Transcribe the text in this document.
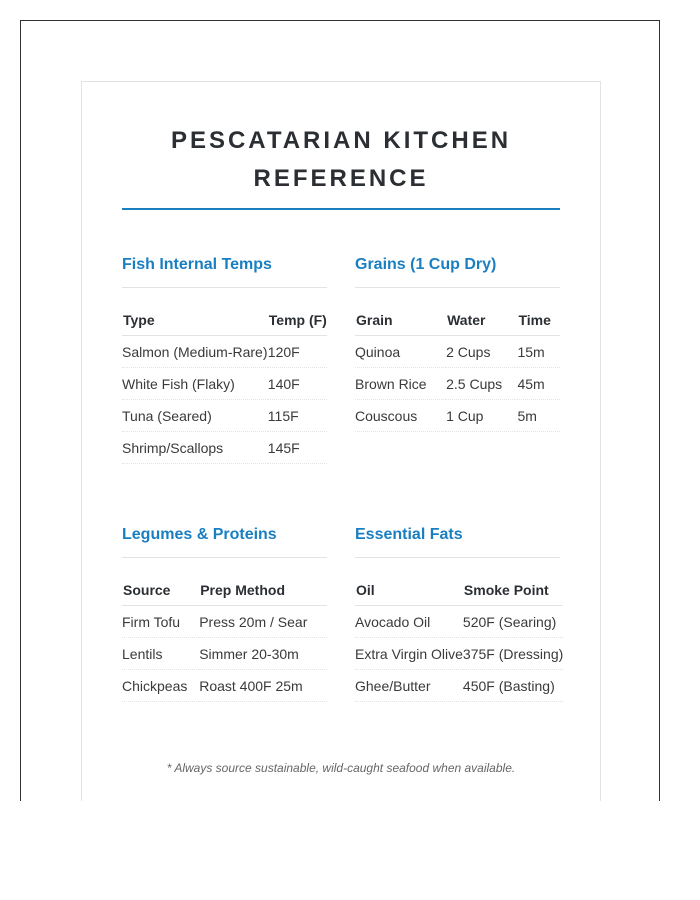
PESCATARIAN KITCHEN REFERENCE
Fish Internal Temps
Type	Temp (F)
Salmon (Medium-Rare)	120F
White Fish (Flaky)	140F
Tuna (Seared)	115F
Shrimp/Scallops	145F
Grains (1 Cup Dry)
Grain	Water	Time
Quinoa	2 Cups	15m
Brown Rice	2.5 Cups	45m
Couscous	1 Cup	5m
Legumes & Proteins
Source	Prep Method
Firm Tofu	Press 20m / Sear
Lentils	Simmer 20-30m
Chickpeas	Roast 400F 25m
Essential Fats
Oil	Smoke Point
Avocado Oil	520F (Searing)
Extra Virgin Olive	375F (Dressing)
Ghee/Butter	450F (Basting)

* Always source sustainable, wild-caught seafood when available.
